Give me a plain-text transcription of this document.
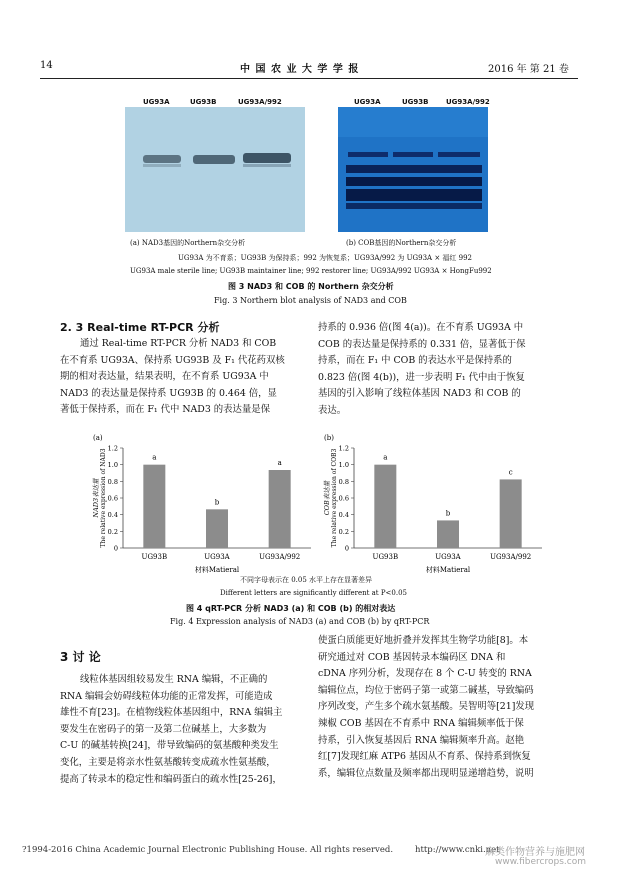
14	中 国 农 业 大 学 学 报	2016 年 第 21 卷
UG93A	UG93B	UG93A/992	UG93A	UG93B UG93A/992
(a) NAD3基因的Northern杂交分析	(b) COB基因的Northern杂交分析
UG93A 为不育系；UG93B 为保持系；992 为恢复系；UG93A/992 为 UG93A × 福红 992
UG93A male sterile line; UG93B maintainer line; 992 restorer line; UG93A/992 UG93A × HongFu992
图 3 NAD3 和 COB 的 Northern 杂交分析
Fig. 3 Northern blot analysis of NAD3 and COB
2. 3 Real-time RT-PCR 分析
通过 Real-time RT-PCR 分析 NAD3 和 COB
在不育系 UG93A、保持系 UG93B 及 F₁ 代花药双核
期的相对表达量，结果表明，在不育系 UG93A 中
NAD3 的表达量是保持系 UG93B 的 0.464 倍，显
著低于保持系，而在 F₁ 代中 NAD3 的表达量是保
持系的 0.936 倍(图 4(a))。在不育系 UG93A 中
COB 的表达量是保持系的 0.331 倍，显著低于保
持系，而在 F₁ 中 COB 的表达水平是保持系的
0.823 倍(图 4(b))，进一步表明 F₁ 代中由于恢复
基因的引入影响了线粒体基因 NAD3 和 COB 的
表达。
(a)
0
0.2
0.4
0.6
0.8
1.0
1.2
NAD3表达量 The relative expression of NAD3	a
UG93B
b
UG93A
a
UG93A/992
材料Matieral
(b)
0
0.2
0.4
0.6
0.8
1.0
1.2
COB表达量 The relative expression of COB3	a
UG93B
b
UG93A
c
UG93A/992
材料Matieral
不同字母表示在 0.05 水平上存在显著差异
Different letters are significantly different at P<0.05
图 4 qRT-PCR 分析 NAD3 (a) 和 COB (b) 的相对表达
Fig. 4 Expression analysis of NAD3 (a) and COB (b) by qRT-PCR
3 讨 论
线粒体基因组较易发生 RNA 编辑，不正确的
RNA 编辑会妨碍线粒体功能的正常发挥，可能造成
雄性不育[23]。在植物线粒体基因组中，RNA 编辑主
要发生在密码子的第一及第二位碱基上，大多数为
C-U 的碱基转换[24]，带导致编码的氨基酸种类发生
变化，主要是将亲水性氨基酸转变成疏水性氨基酸，
提高了转录本的稳定性和编码蛋白的疏水性[25-26]，
使蛋白质能更好地折叠并发挥其生物学功能[8]。本
研究通过对 COB 基因转录本编码区 DNA 和
cDNA 序列分析，发现存在 8 个 C-U 转变的 RNA
编辑位点，均位于密码子第一或第二碱基，导致编码
序列改变，产生多个疏水氨基酸。吴智明等[21]发现
辣椒 COB 基因在不育系中 RNA 编辑频率低于保
持系，引入恢复基因后 RNA 编辑频率升高。赵艳
红[7]发现红麻 ATP6 基因从不育系、保持系到恢复
系，编辑位点数量及频率都出现明显递增趋势，说明
?1994-2016 China Academic Journal Electronic Publishing House. All rights reserved.	http://www.cnki.net
麻类作物营养与施肥网
www.fibercrops.com
